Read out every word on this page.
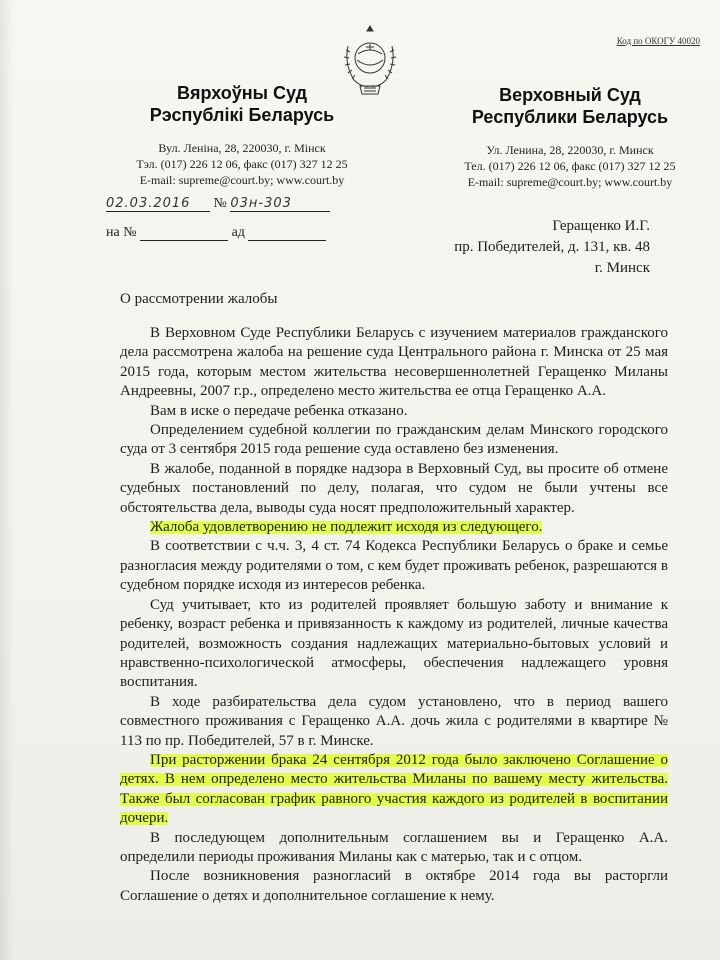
Код по ОКОГУ 40020
Вярхоўны Суд
Рэспублікі Беларусь
Вул. Леніна, 28, 220030, г. Мінск
Тэл. (017) 226 12 06, факс (017) 327 12 25
E-mail: supreme@court.by; www.court.by
Верховный Суд
Республики Беларусь
Ул. Ленина, 28, 220030, г. Минск
Тел. (017) 226 12 06, факс (017) 327 12 25
E-mail: supreme@court.by; www.court.by
02.03.2016 № 03н-303
на №	ад	Геращенко И.Г.
пр. Победителей, д. 131, кв. 48
г. Минск
О рассмотрении жалобы

В Верховном Суде Республики Беларусь с изучением материалов гражданского дела рассмотрена жалоба на решение суда Центрального района г. Минска от 25 мая 2015 года, которым местом жительства несовершеннолетней Геращенко Миланы Андреевны, 2007 г.р., определено место жительства ее отца Геращенко А.А.

Вам в иске о передаче ребенка отказано.

Определением судебной коллегии по гражданским делам Минского городского суда от 3 сентября 2015 года решение суда оставлено без изменения.

В жалобе, поданной в порядке надзора в Верховный Суд, вы просите об отмене судебных постановлений по делу, полагая, что судом не были учтены все обстоятельства дела, выводы суда носят предположительный характер.

Жалоба удовлетворению не подлежит исходя из следующего.

В соответствии с ч.ч. 3, 4 ст. 74 Кодекса Республики Беларусь о браке и семье разногласия между родителями о том, с кем будет проживать ребенок, разрешаются в судебном порядке исходя из интересов ребенка.

Суд учитывает, кто из родителей проявляет большую заботу и внимание к ребенку, возраст ребенка и привязанность к каждому из родителей, личные качества родителей, возможность создания надлежащих материально-бытовых условий и нравственно-психологической атмосферы, обеспечения надлежащего уровня воспитания.

В ходе разбирательства дела судом установлено, что в период вашего совместного проживания с Геращенко А.А. дочь жила с родителями в квартире № 113 по пр. Победителей, 57 в г. Минске.

При расторжении брака 24 сентября 2012 года было заключено Соглашение о детях. В нем определено место жительства Миланы по вашему месту жительства. Также был согласован график равного участия каждого из родителей в воспитании дочери.

В последующем дополнительным соглашением вы и Геращенко А.А. определили периоды проживания Миланы как с матерью, так и с отцом.

После возникновения разногласий в октябре 2014 года вы расторгли Соглашение о детях и дополнительное соглашение к нему.
